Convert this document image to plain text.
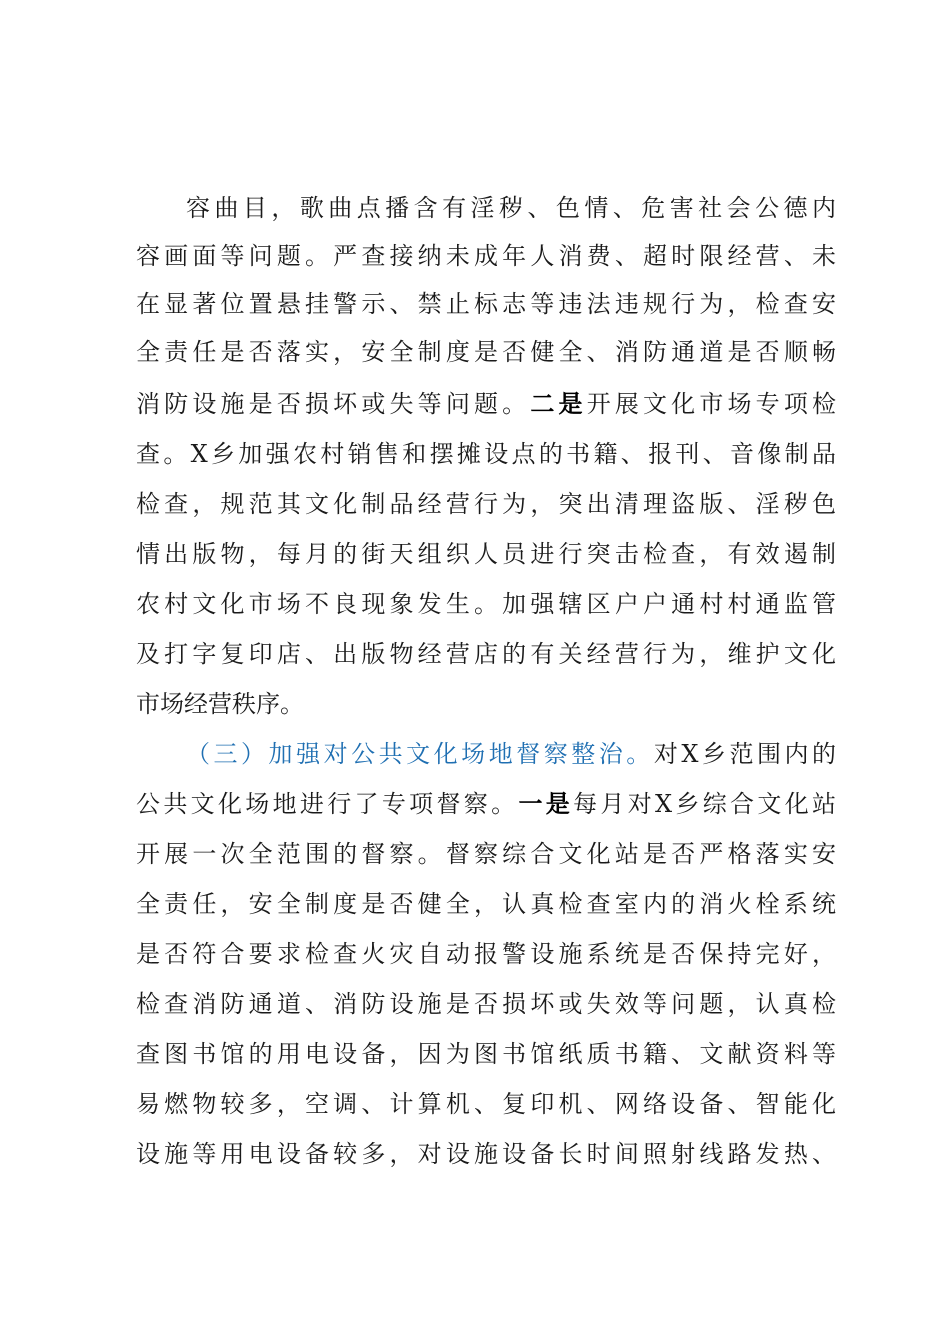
容曲目，歌曲点播含有淫秽、色情、危害社会公德内
容画面等问题。严查接纳未成年人消费、超时限经营、未
在显著位置悬挂警示、禁止标志等违法违规行为，检查安
全责任是否落实，安全制度是否健全、消防通道是否顺畅
消防设施是否损坏或失等问题。二是开展文化市场专项检
查。X乡加强农村销售和摆摊设点的书籍、报刊、音像制品
检查，规范其文化制品经营行为，突出清理盗版、淫秽色
情出版物，每月的街天组织人员进行突击检查，有效遏制
农村文化市场不良现象发生。加强辖区户户通村村通监管
及打字复印店、出版物经营店的有关经营行为，维护文化
市场经营秩序。
（三）加强对公共文化场地督察整治。对X乡范围内的
公共文化场地进行了专项督察。一是每月对X乡综合文化站
开展一次全范围的督察。督察综合文化站是否严格落实安
全责任，安全制度是否健全，认真检查室内的消火栓系统
是否符合要求检查火灾自动报警设施系统是否保持完好，
检查消防通道、消防设施是否损坏或失效等问题，认真检
查图书馆的用电设备，因为图书馆纸质书籍、文献资料等
易燃物较多，空调、计算机、复印机、网络设备、智能化
设施等用电设备较多，对设施设备长时间照射线路发热、
